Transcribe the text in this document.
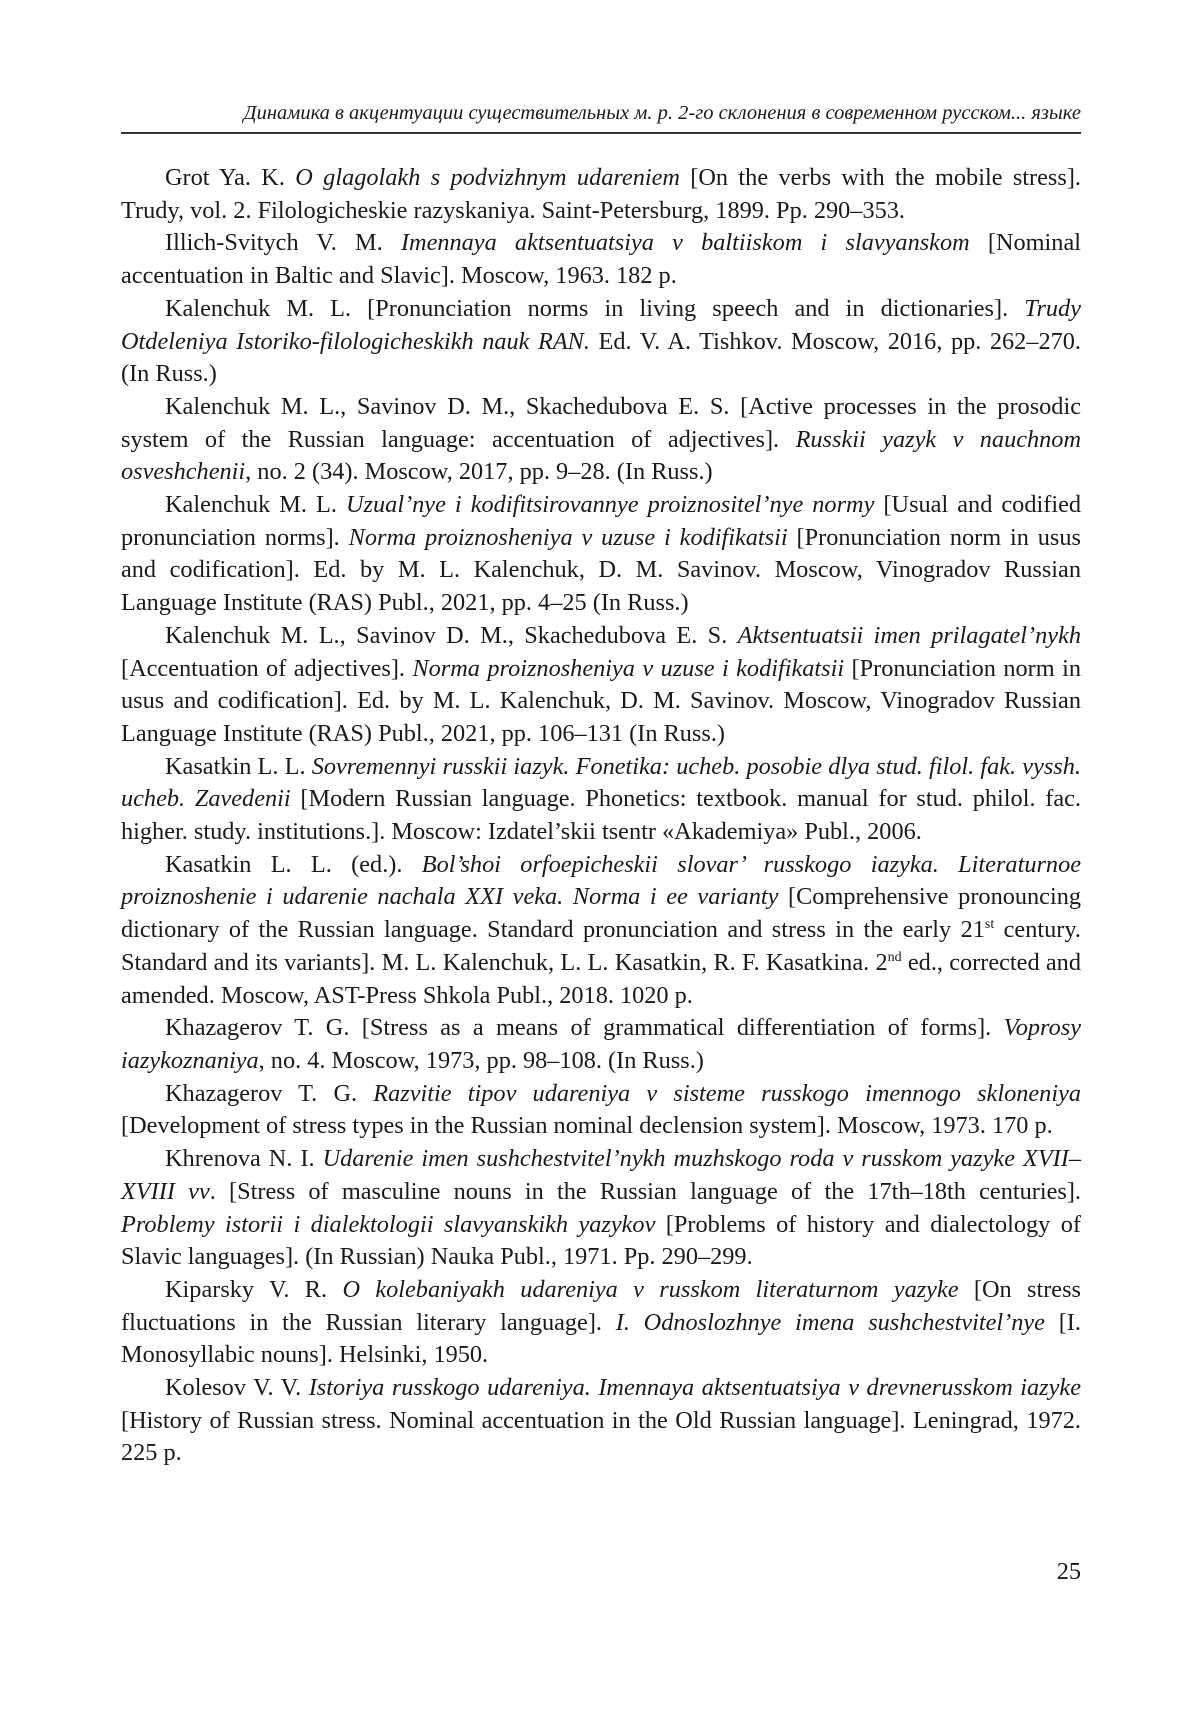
Динамика в акцентуации существительных м. р. 2-го склонения в современном русском... языке

Grot Ya. K. O glagolakh s podvizhnym udareniem [On the verbs with the mobile stress]. Trudy, vol. 2. Filologicheskie razyskaniya. Saint-Petersburg, 1899. Pp. 290–353.

Illich-Svitych V. M. Imennaya aktsentuatsiya v baltiiskom i slavyanskom [Nominal accentuation in Baltic and Slavic]. Moscow, 1963. 182 p.

Kalenchuk M. L. [Pronunciation norms in living speech and in dictionaries]. Trudy Otdeleniya Istoriko-filologicheskikh nauk RAN. Ed. V. A. Tishkov. Moscow, 2016, pp. 262–270. (In Russ.)

Kalenchuk M. L., Savinov D. M., Skachedubova E. S. [Active processes in the prosodic system of the Russian language: accentuation of adjectives]. Russkii yazyk v nauchnom osveshchenii, no. 2 (34). Moscow, 2017, pp. 9–28. (In Russ.)

Kalenchuk M. L. Uzual’nye i kodifitsirovannye proiznositel’nye normy [Usual and codified pronunciation norms]. Norma proiznosheniya v uzuse i kodifikatsii [Pronunciation norm in usus and codification]. Ed. by M. L. Kalenchuk, D. M. Savinov. Moscow, Vinogradov Russian Language Institute (RAS) Publ., 2021, pp. 4–25 (In Russ.)

Kalenchuk M. L., Savinov D. M., Skachedubova E. S. Aktsentuatsii imen prilagatel’nykh [Accentuation of adjectives]. Norma proiznosheniya v uzuse i kodifikatsii [Pronunciation norm in usus and codification]. Ed. by M. L. Kalenchuk, D. M. Savinov. Moscow, Vinogradov Russian Language Institute (RAS) Publ., 2021, pp. 106–131 (In Russ.)

Kasatkin L. L. Sovremennyi russkii iazyk. Fonetika: ucheb. posobie dlya stud. filol. fak. vyssh. ucheb. Zavedenii [Modern Russian language. Phonetics: textbook. manual for stud. philol. fac. higher. study. institutions.]. Moscow: Izdatel’skii tsentr «Akademiya» Publ., 2006.

Kasatkin L. L. (ed.). Bol’shoi orfoepicheskii slovar’ russkogo iazyka. Literaturnoe proiznoshenie i udarenie nachala XXI veka. Norma i ee varianty [Comprehensive pronouncing dictionary of the Russian language. Standard pronunciation and stress in the early 21st century. Standard and its variants]. M. L. Kalenchuk, L. L. Kasatkin, R. F. Kasatkina. 2nd ed., corrected and amended. Moscow, AST-Press Shkola Publ., 2018. 1020 p.

Khazagerov T. G. [Stress as a means of grammatical differentiation of forms]. Voprosy iazykoznaniya, no. 4. Moscow, 1973, pp. 98–108. (In Russ.)

Khazagerov T. G. Razvitie tipov udareniya v sisteme russkogo imennogo skloneniya [Development of stress types in the Russian nominal declension system]. Moscow, 1973. 170 p.

Khrenova N. I. Udarenie imen sushchestvitel’nykh muzhskogo roda v russkom yazyke XVII–XVIII vv. [Stress of masculine nouns in the Russian language of the 17th–18th centuries]. Problemy istorii i dialektologii slavyanskikh yazykov [Problems of history and dialectology of Slavic languages]. (In Russian) Nauka Publ., 1971. Pp. 290–299.

Kiparsky V. R. O kolebaniyakh udareniya v russkom literaturnom yazyke [On stress fluctuations in the Russian literary language]. I. Odnoslozhnye imena sushchestvitel’nye [I. Monosyllabic nouns]. Helsinki, 1950.

Kolesov V. V. Istoriya russkogo udareniya. Imennaya aktsentuatsiya v drevnerusskom iazyke [History of Russian stress. Nominal accentuation in the Old Russian language]. Leningrad, 1972. 225 p.

25
